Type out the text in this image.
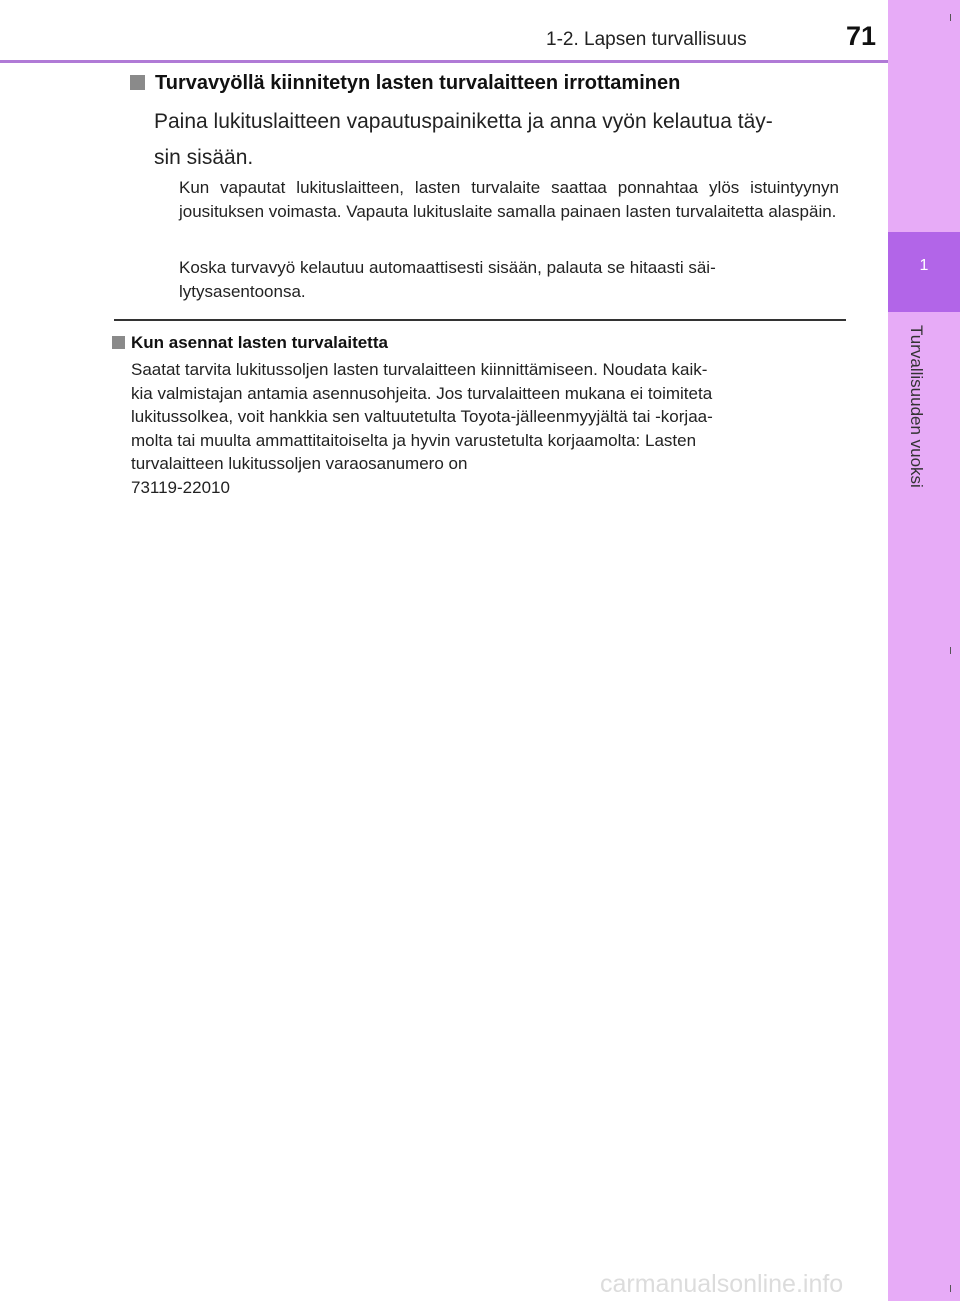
1-2. Lapsen turvallisuus	71
1
Turvallisuuden vuoksi
Turvavyöllä kiinnitetyn lasten turvalaitteen irrottaminen
Paina lukituslaitteen vapautuspainiketta ja anna vyön kelautua täy-
sin sisään.
Kun vapautat lukituslaitteen, lasten turvalaite saattaa ponnahtaa ylös istuintyynyn jousituksen voimasta. Vapauta lukituslaite samalla painaen lasten turvalaitetta alaspäin.
Koska turvavyö kelautuu automaattisesti sisään, palauta se hitaasti säi-
lytysasentoonsa.
Kun asennat lasten turvalaitetta
Saatat tarvita lukitussoljen lasten turvalaitteen kiinnittämiseen. Noudata kaik-
kia valmistajan antamia asennusohjeita. Jos turvalaitteen mukana ei toimiteta
lukitussolkea, voit hankkia sen valtuutetulta Toyota-jälleenmyyjältä tai -korjaa-
molta tai muulta ammattitaitoiselta ja hyvin varustetulta korjaamolta: Lasten
turvalaitteen lukitussoljen varaosanumero on
73119-22010
carmanualsonline.info
